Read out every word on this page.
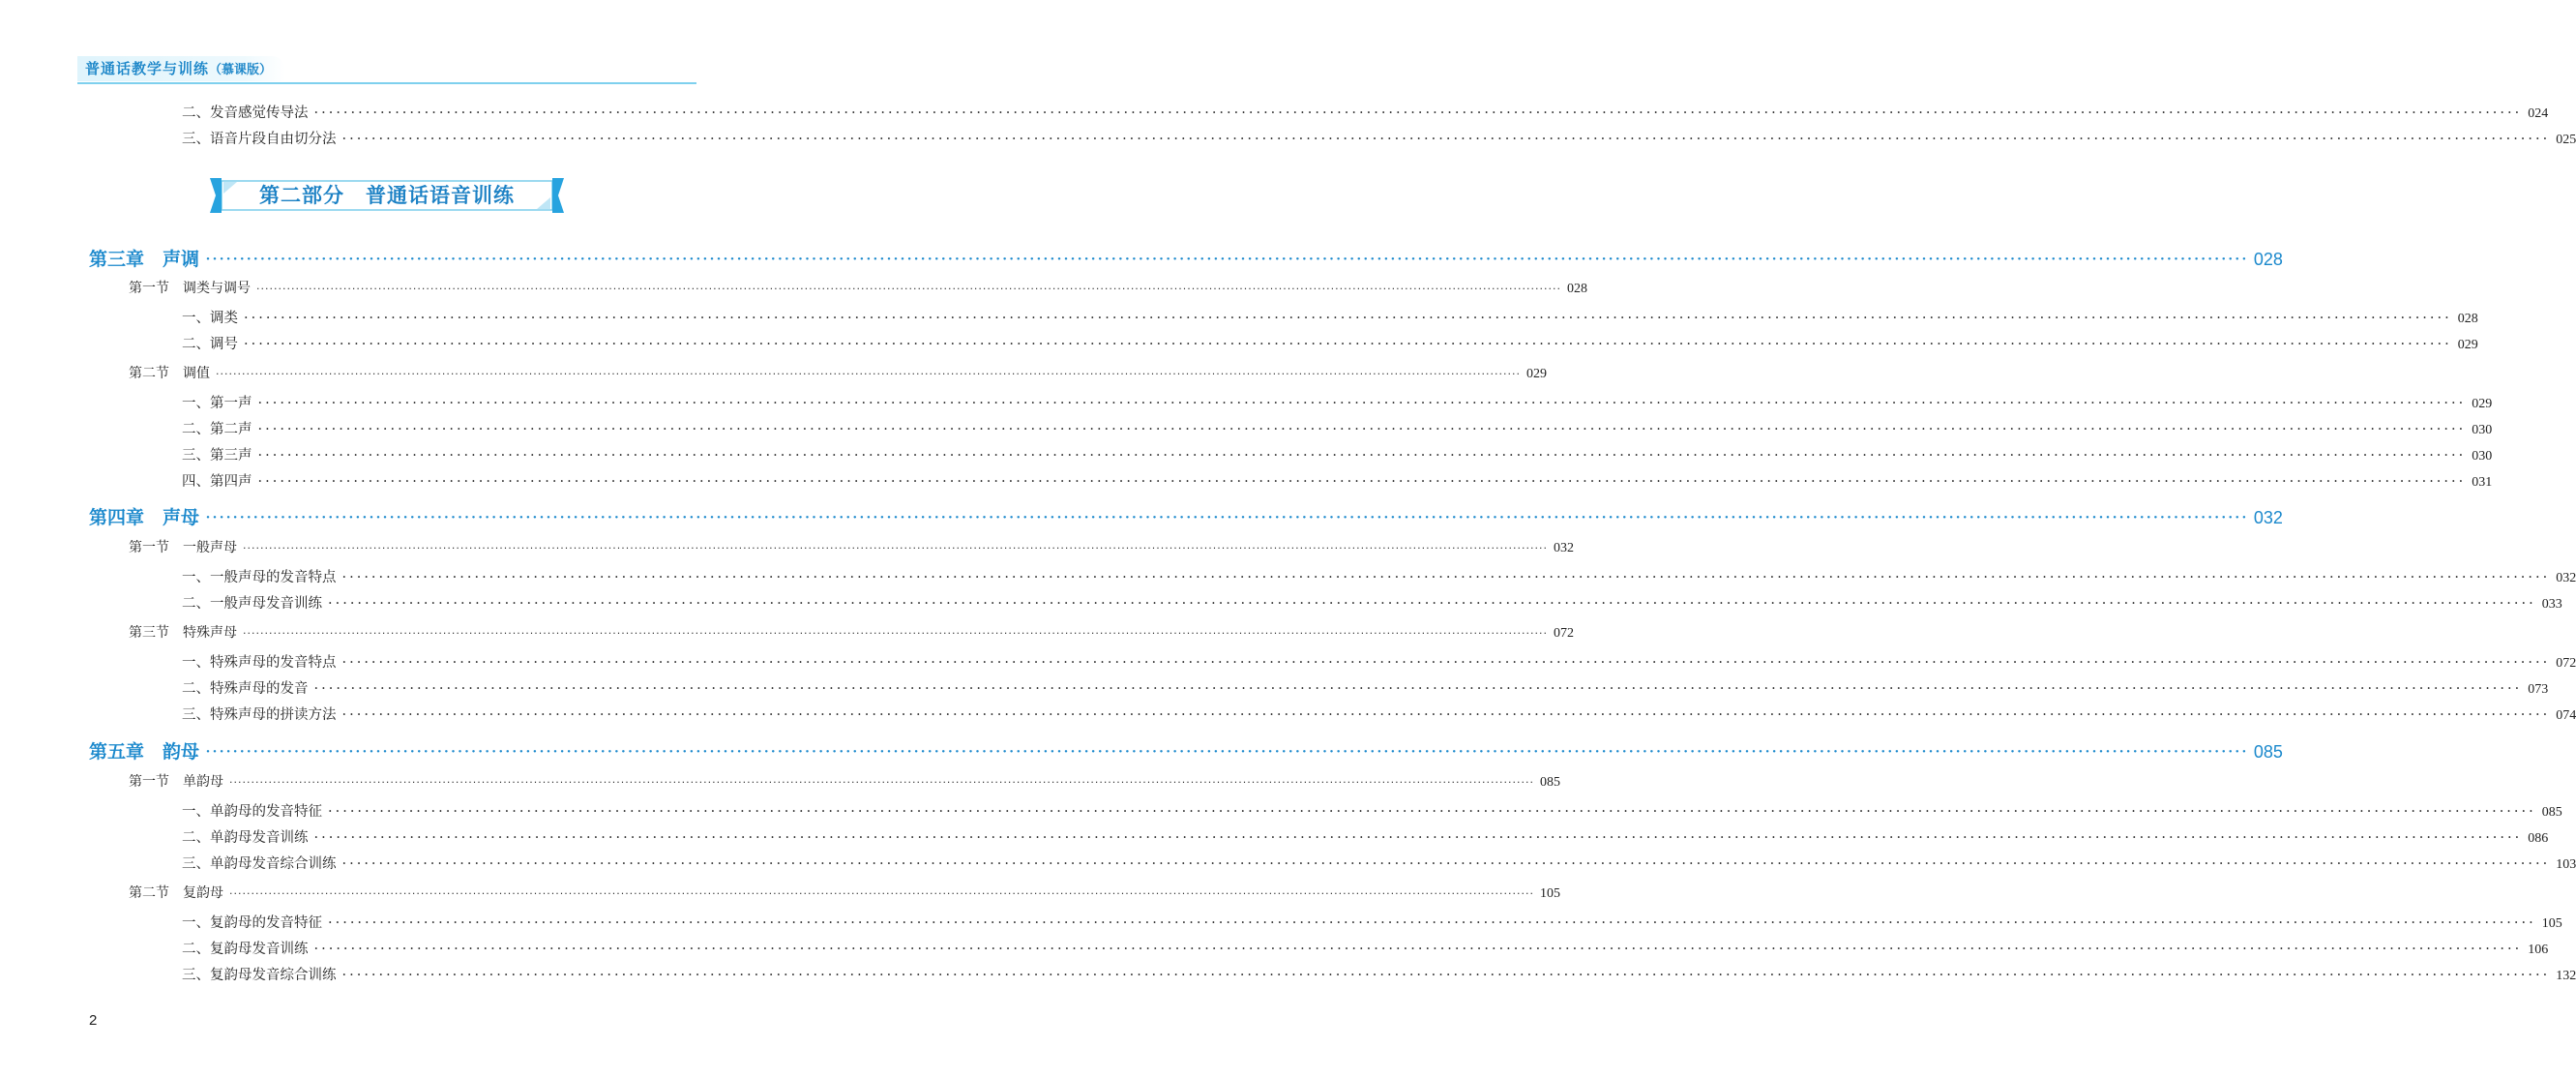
普通话教学与训练（慕课版）
二、发音感觉传导法 ············································································································································································································································································································ 024
三、语音片段自由切分法 ············································································································································································································································································································ 025
第二部分　普通话语音训练
第三章　声调 ············································································································································································································································································································ 028
第一节 调类与调号 ············································································································································································································································································································ 028
一、调类 ············································································································································································································································································································ 028
二、调号 ············································································································································································································································································································ 029
第二节 调值 ············································································································································································································································································································ 029
一、第一声 ············································································································································································································································································································ 029
二、第二声 ············································································································································································································································································································ 030
三、第三声 ············································································································································································································································································································ 030
四、第四声 ············································································································································································································································································································ 031
第四章　声母 ············································································································································································································································································································ 032
第一节 一般声母 ············································································································································································································································································································ 032
一、一般声母的发音特点 ············································································································································································································································································································ 032
二、一般声母发音训练 ············································································································································································································································································································ 033
第三节 特殊声母 ············································································································································································································································································································ 072
一、特殊声母的发音特点 ············································································································································································································································································································ 072
二、特殊声母的发音 ············································································································································································································································································································ 073
三、特殊声母的拼读方法 ············································································································································································································································································································ 074
第五章　韵母 ············································································································································································································································································································ 085
第一节 单韵母 ············································································································································································································································································································ 085
一、单韵母的发音特征 ············································································································································································································································································································ 085
二、单韵母发音训练 ············································································································································································································································································································ 086
三、单韵母发音综合训练 ············································································································································································································································································································ 103
第二节 复韵母 ············································································································································································································································································································ 105
一、复韵母的发音特征 ············································································································································································································································································································ 105
二、复韵母发音训练 ············································································································································································································································································································ 106
三、复韵母发音综合训练 ············································································································································································································································································································ 132
2
